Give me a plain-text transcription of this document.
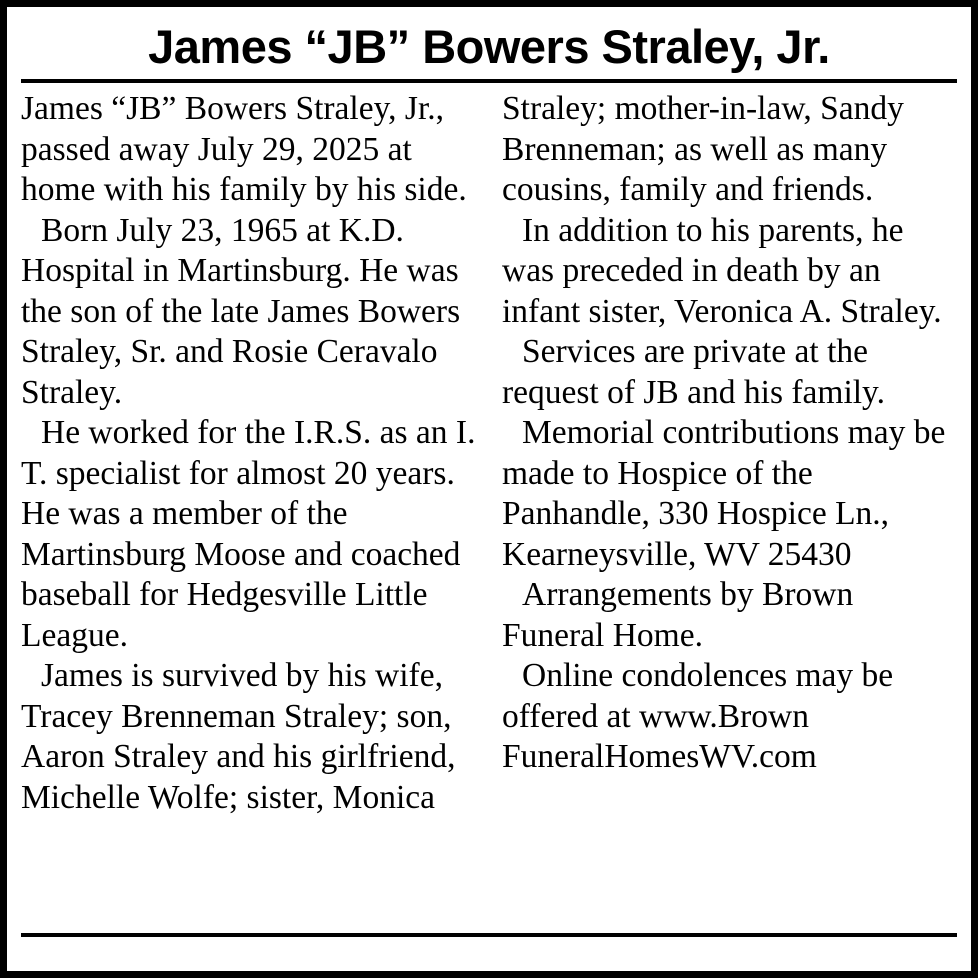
James “JB” Bowers Straley, Jr.

James “JB” Bowers Straley, Jr., passed away July 29, 2025 at home with his family by his side.

Born July 23, 1965 at K.D. Hospital in Martinsburg. He was the son of the late James Bowers Straley, Sr. and Rosie Ceravalo Straley.

He worked for the I.R.S. as an I. T. specialist for almost 20 years. He was a member of the Martinsburg Moose and coached baseball for Hedgesville Little League.

James is survived by his wife, Tracey Brenneman Straley; son, Aaron Straley and his girlfriend, Michelle Wolfe; sister, Monica

Straley; mother-in-law, Sandy Brenneman; as well as many cousins, family and friends.

In addition to his parents, he was preceded in death by an infant sister, Veronica A. Straley.

Services are private at the request of JB and his family.

Memorial contributions may be made to Hospice of the Panhandle, 330 Hospice Ln., Kearneysville, WV 25430

Arrangements by Brown Funeral Home.

Online condolences may be offered at www.Brown FuneralHomesWV.com
